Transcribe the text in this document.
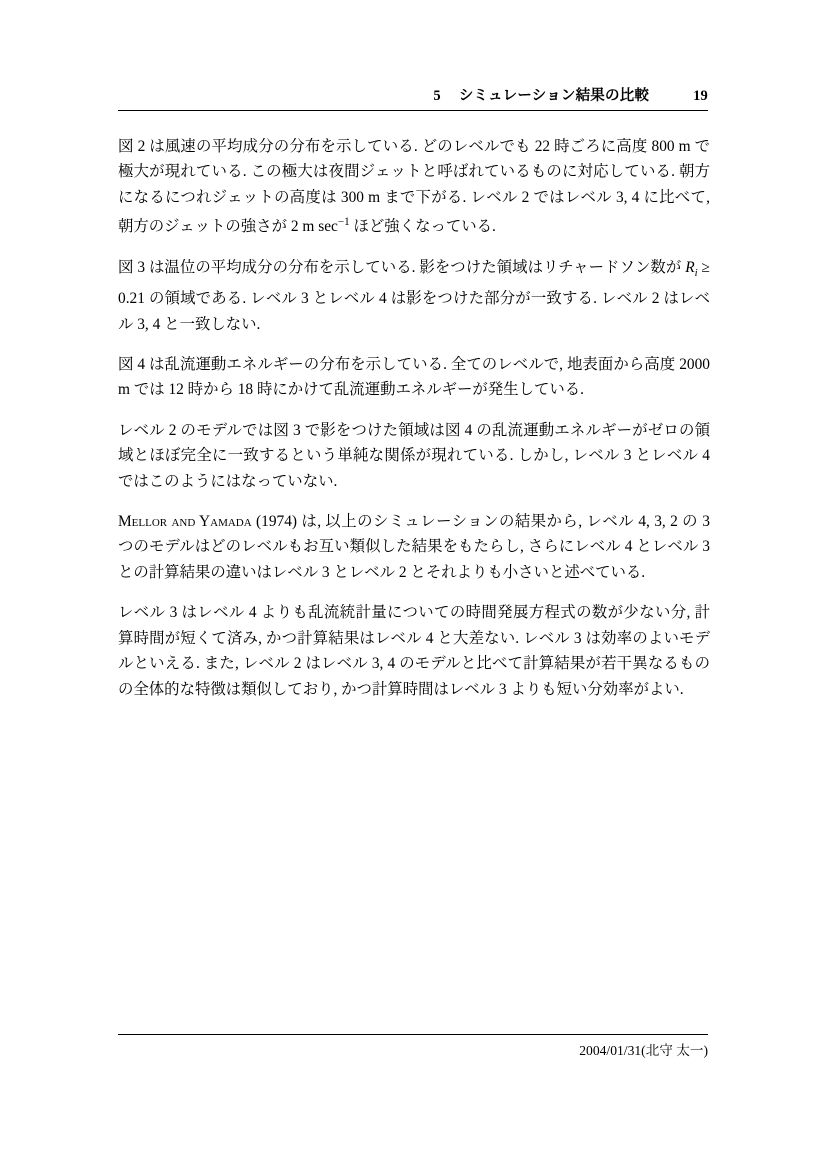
5 シミュレーション結果の比較	19

図 2 は風速の平均成分の分布を示している. どのレベルでも 22 時ごろに高度 800 m で極大が現れている. この極大は夜間ジェットと呼ばれているものに対応している. 朝方になるにつれジェットの高度は 300 m まで下がる. レベル 2 ではレベル 3, 4 に比べて, 朝方のジェットの強さが 2 m $\sec^{-1}$ ほど強くなっている.

図 3 は温位の平均成分の分布を示している. 影をつけた領域はリチャードソン数が $R_i \ge 0.21$ の領域である. レベル 3 とレベル 4 は影をつけた部分が一致する. レベル 2 はレベル 3, 4 と一致しない.

図 4 は乱流運動エネルギーの分布を示している. 全てのレベルで, 地表面から高度 2000 m では 12 時から 18 時にかけて乱流運動エネルギーが発生している.

レベル 2 のモデルでは図 3 で影をつけた領域は図 4 の乱流運動エネルギーがゼロの領域とほぼ完全に一致するという単純な関係が現れている. しかし, レベル 3 とレベル 4 ではこのようにはなっていない.

Mellor and Yamada (1974) は, 以上のシミュレーションの結果から, レベル 4, 3, 2 の 3 つのモデルはどのレベルもお互い類似した結果をもたらし, さらにレベル 4 とレベル 3 との計算結果の違いはレベル 3 とレベル 2 とそれよりも小さいと述べている.

レベル 3 はレベル 4 よりも乱流統計量についての時間発展方程式の数が少ない分, 計算時間が短くて済み, かつ計算結果はレベル 4 と大差ない. レベル 3 は効率のよいモデルといえる. また, レベル 2 はレベル 3, 4 のモデルと比べて計算結果が若干異なるものの全体的な特徴は類似しており, かつ計算時間はレベル 3 よりも短い分効率がよい.

2004/01/31(北守 太一)
